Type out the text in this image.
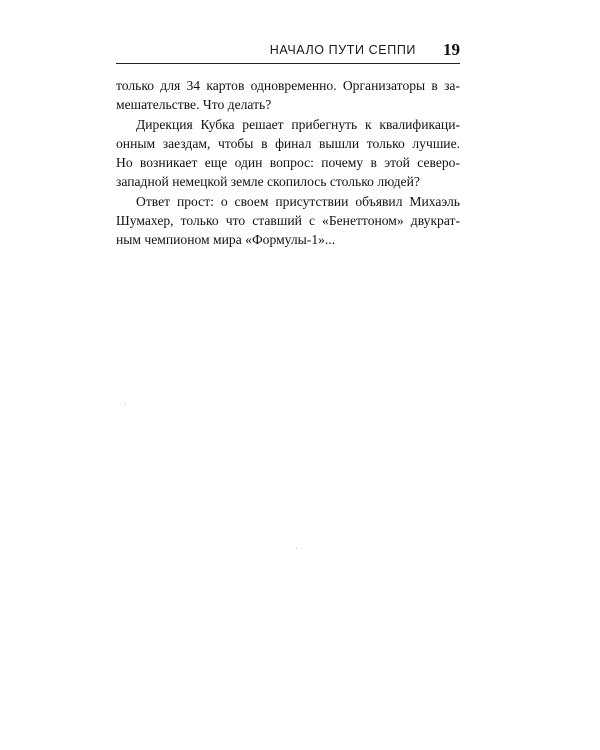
НАЧАЛО ПУТИ СЕППИ 19

только для 34 картов одновременно. Организаторы в за-
мешательстве. Что делать?

Дирекция Кубка решает прибегнуть к квалификаци-
онным заездам, чтобы в финал вышли только лучшие.
Но возникает еще один вопрос: почему в этой северо-
западной немецкой земле скопилось столько людей?

Ответ прост: о своем присутствии объявил Михаэль
Шумахер, только что ставший с «Бенеттоном» двукрат-
ным чемпионом мира «Формулы-1»...
